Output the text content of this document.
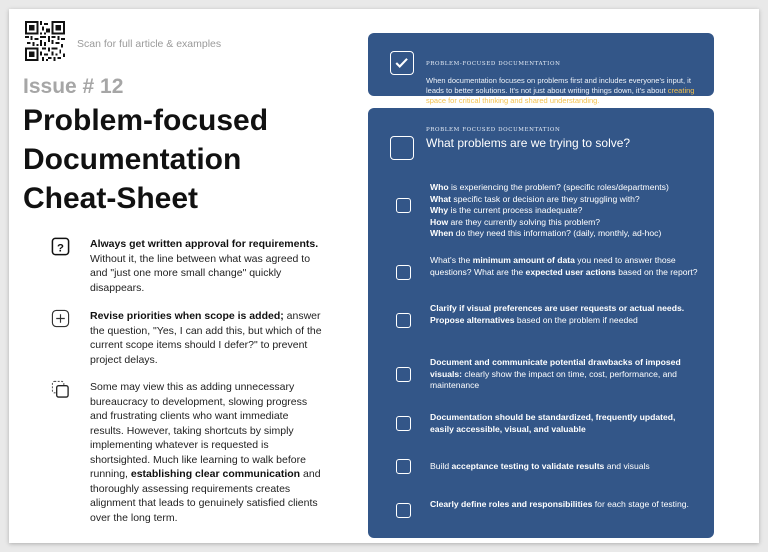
Scan for full article & examples
Issue # 12
Problem-focused
Documentation
Cheat-Sheet
? Always get written approval for requirements. Without it, the line between what was agreed to and "just one more small change" quickly disappears.
Revise priorities when scope is added; answer the question, "Yes, I can add this, but which of the current scope items should I defer?" to prevent project delays.
Some may view this as adding unnecessary bureaucracy to development, slowing progress and frustrating clients who want immediate results. However, taking shortcuts by simply implementing whatever is requested is shortsighted. Much like learning to walk before running, establishing clear communication and thoroughly assessing requirements creates alignment that leads to genuinely satisfied clients over the long term.
PROBLEM-FOCUSED DOCUMENTATION
When documentation focuses on problems first and includes everyone's input, it leads to better solutions. It's not just about writing things down, it's about creating space for critical thinking and shared understanding.
PROBLEM FOCUSED DOCUMENTATION
What problems are we trying to solve?
Who is experiencing the problem? (specific roles/departments)
What specific task or decision are they struggling with?
Why is the current process inadequate?
How are they currently solving this problem?
When do they need this information? (daily, monthly, ad-hoc)
What's the minimum amount of data you need to answer those questions? What are the expected user actions based on the report?
Clarify if visual preferences are user requests or actual needs. Propose alternatives based on the problem if needed
Document and communicate potential drawbacks of imposed visuals: clearly show the impact on time, cost, performance, and maintenance
Documentation should be standardized, frequently updated, easily accessible, visual, and valuable
Build acceptance testing to validate results and visuals
Clearly define roles and responsibilities for each stage of testing.
